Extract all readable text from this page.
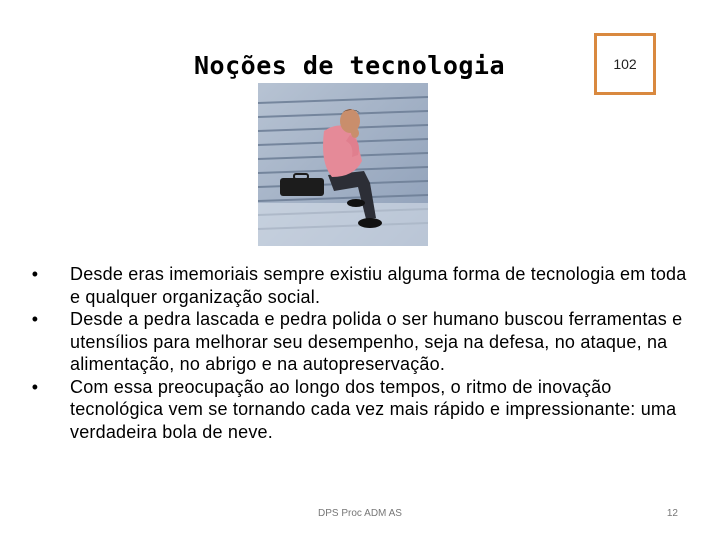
Noções de tecnologia	102
• Desde eras imemoriais sempre existiu alguma forma de tecnologia em toda e qualquer organização social.
• Desde a pedra lascada e pedra polida o ser humano buscou ferramentas e utensílios para melhorar seu desempenho, seja na defesa, no ataque, na alimentação, no abrigo e na autopreservação.
• Com essa preocupação ao longo dos tempos, o ritmo de inovação tecnológica vem se tornando cada vez mais rápido e impressionante: uma verdadeira bola de neve.
DPS Proc ADM AS	12
